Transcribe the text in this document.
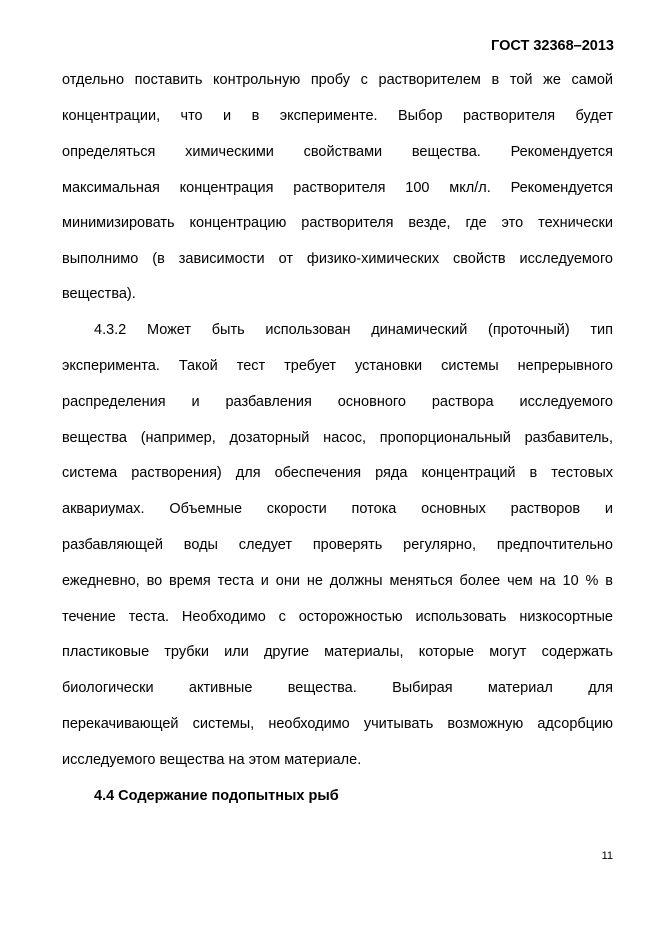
ГОСТ 32368–2013
отдельно поставить контрольную пробу с растворителем в той же самой
концентрации, что и в эксперименте. Выбор растворителя будет
определяться химическими свойствами вещества. Рекомендуется
максимальная концентрация растворителя 100 мкл/л. Рекомендуется
минимизировать концентрацию растворителя везде, где это технически
выполнимо (в зависимости от физико-химических свойств исследуемого
вещества).
4.3.2 Может быть использован динамический (проточный) тип
эксперимента. Такой тест требует установки системы непрерывного
распределения и разбавления основного раствора исследуемого
вещества (например, дозаторный насос, пропорциональный разбавитель,
система растворения) для обеспечения ряда концентраций в тестовых
аквариумах. Объемные скорости потока основных растворов и
разбавляющей воды следует проверять регулярно, предпочтительно
ежедневно, во время теста и они не должны меняться более чем на 10 % в
течение теста. Необходимо с осторожностью использовать низкосортные
пластиковые трубки или другие материалы, которые могут содержать
биологически активные вещества. Выбирая материал для
перекачивающей системы, необходимо учитывать возможную адсорбцию
исследуемого вещества на этом материале.
4.4 Содержание подопытных рыб
11
